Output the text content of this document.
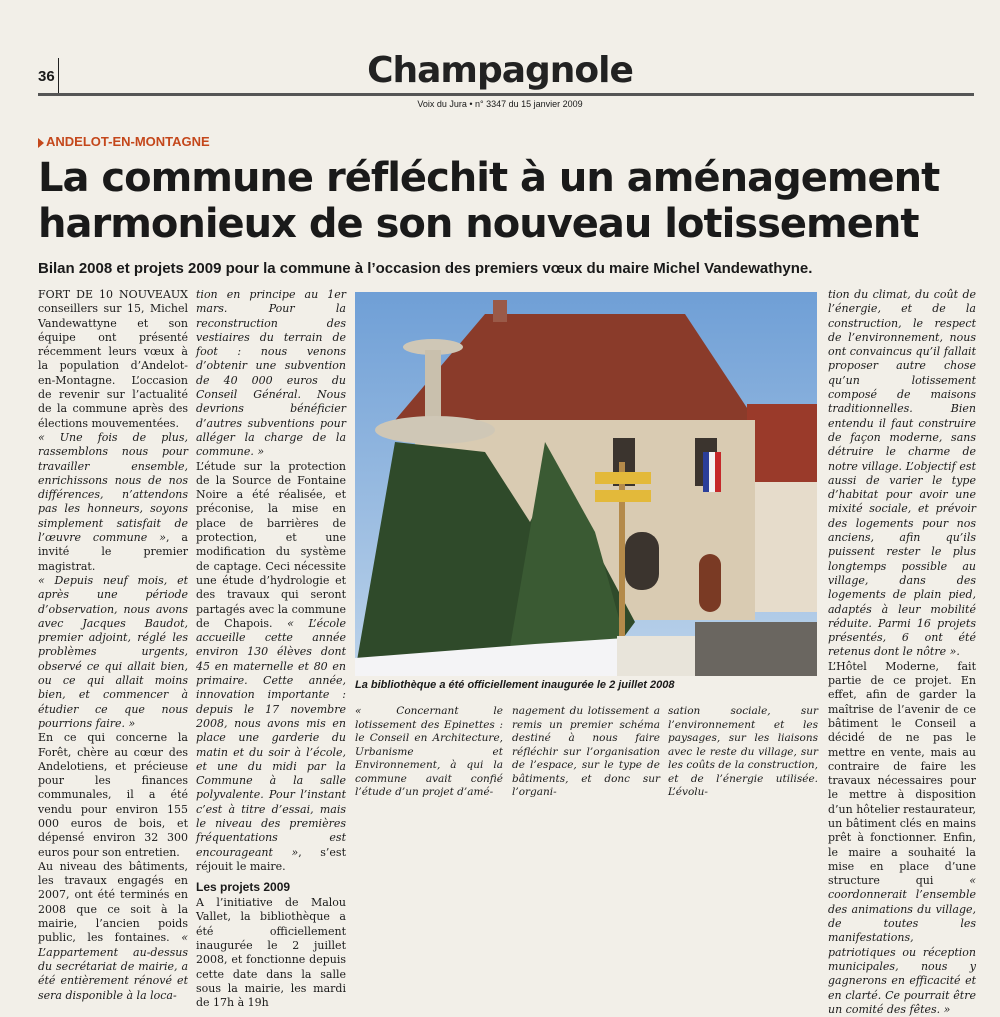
36	Champagnole
Voix du Jura • n° 3347 du 15 janvier 2009
ANDELOT-EN-MONTAGNE
La commune réfléchit à un aménagement
harmonieux de son nouveau lotissement
Bilan 2008 et projets 2009 pour la commune à l’occasion des premiers vœux du maire Michel Vandewathyne.

FORT DE 10 NOUVEAUX conseillers sur 15, Michel Vandewattyne et son équipe ont présenté récemment leurs vœux à la population d’Andelot-en-Montagne. L’occasion de revenir sur l’actualité de la commune après des élections mouvementées.

« Une fois de plus, rassemblons nous pour travailler ensemble, enrichissons nous de nos différences, n’attendons pas les honneurs, soyons simplement satisfait de l’œuvre commune », a invité le premier magistrat.

« Depuis neuf mois, et après une période d’observation, nous avons avec Jacques Baudot, premier adjoint, réglé les problèmes urgents, observé ce qui allait bien, ou ce qui allait moins bien, et commencer à étudier ce que nous pourrions faire. »

En ce qui concerne la Forêt, chère au cœur des Andelotiens, et précieuse pour les finances communales, il a été vendu pour environ 155 000 euros de bois, et dépensé environ 32 300 euros pour son entretien.

Au niveau des bâtiments, les travaux engagés en 2007, ont été terminés en 2008 que ce soit à la mairie, l’ancien poids public, les fontaines. « L’appartement au-dessus du secrétariat de mairie, a été entièrement rénové et sera disponible à la loca-

tion en principe au 1er mars. Pour la reconstruction des vestiaires du terrain de foot : nous venons d’obtenir une subvention de 40 000 euros du Conseil Général. Nous devrions bénéficier d’autres subventions pour alléger la charge de la commune. »

L’étude sur la protection de la Source de Fontaine Noire a été réalisée, et préconise, la mise en place de barrières de protection, et une modification du système de captage. Ceci nécessite une étude d’hydrologie et des travaux qui seront partagés avec la commune de Chapois. « L’école accueille cette année environ 130 élèves dont 45 en maternelle et 80 en primaire. Cette année, innovation importante : depuis le 17 novembre 2008, nous avons mis en place une garderie du matin et du soir à l’école, et une du midi par la Commune à la salle polyvalente. Pour l’instant c’est à titre d’essai, mais le niveau des premières fréquentations est encourageant », s’est réjouit le maire.

Les projets 2009

A l’initiative de Malou Vallet, la bibliothèque a été officiellement inaugurée le 2 juillet 2008, et fonctionne depuis cette date dans la salle sous la mairie, les mardi de 17h à 19h

La bibliothèque a été officiellement inaugurée le 2 juillet 2008
« Concernant le lotissement des Epinettes : le Conseil en Architecture, Urbanisme et Environnement, à qui la commune avait confié l’étude d’un projet d’amé-
nagement du lotissement a remis un premier schéma destiné à nous faire réfléchir sur l’organisation de l’espace, sur le type de bâtiments, et donc sur l’organi-
sation sociale, sur l’environnement et les paysages, sur les liaisons avec le reste du village, sur les coûts de la construction, et de l’énergie utilisée. L’évolu-

tion du climat, du coût de l’énergie, et de la construction, le respect de l’environnement, nous ont convaincus qu’il fallait proposer autre chose qu’un lotissement composé de maisons traditionnelles. Bien entendu il faut construire de façon moderne, sans détruire le charme de notre village. L’objectif est aussi de varier le type d’habitat pour avoir une mixité sociale, et prévoir des logements pour nos anciens, afin qu’ils puissent rester le plus longtemps possible au village, dans des logements de plain pied, adaptés à leur mobilité réduite. Parmi 16 projets présentés, 6 ont été retenus dont le nôtre ».

L’Hôtel Moderne, fait partie de ce projet. En effet, afin de garder la maîtrise de l’avenir de ce bâtiment le Conseil a décidé de ne pas le mettre en vente, mais au contraire de faire les travaux nécessaires pour le mettre à disposition d’un hôtelier restaurateur, un bâtiment clés en mains prêt à fonctionner. Enfin, le maire a souhaité la mise en place d’une structure qui	« coordonnerait l’ensemble des animations du village, de toutes les manifestations, patriotiques ou réception municipales, nous y gagnerons en efficacité et en clarté. Ce pourrait être un comité des fêtes. »
